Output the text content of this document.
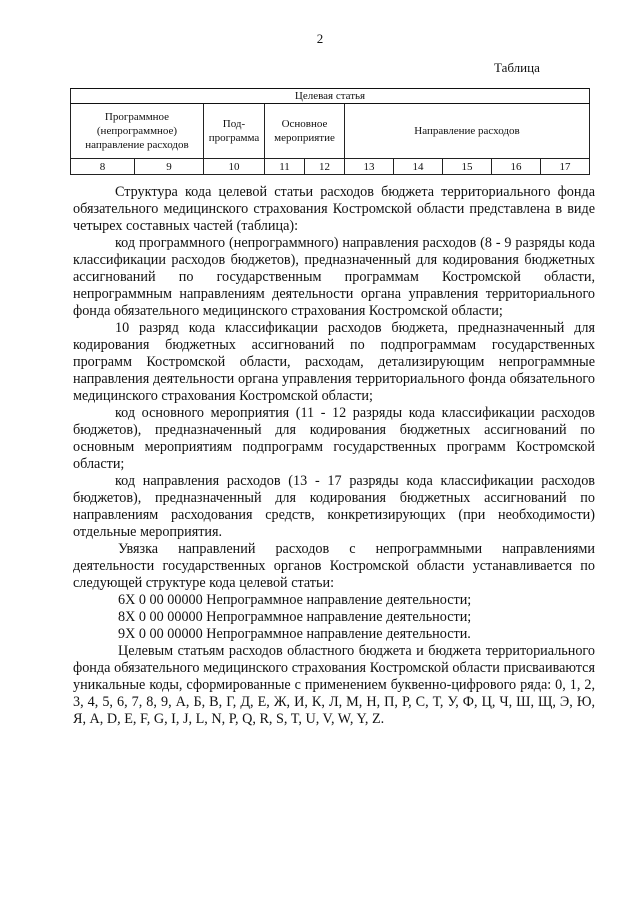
2
Таблица
Целевая статья									
Программное (непрограммное) направление расходов		Под-программа	Основное мероприятие		Направление расходов				
8	9	10	11	12	13	14	15	16	17

Структура кода целевой статьи расходов бюджета территориального фонда обязательного медицинского страхования Костромской области представлена в виде четырех составных частей (таблица):

код программного (непрограммного) направления расходов (8 - 9 разряды кода классификации расходов бюджетов), предназначенный для кодирования бюджетных ассигнований по государственным программам Костромской области, непрограммным направлениям деятельности органа управления территориального фонда обязательного медицинского страхования Костромской области;

10 разряд кода классификации расходов бюджета, предназначенный для кодирования бюджетных ассигнований по подпрограммам государственных программ Костромской области, расходам, детализирующим непрограммные направления деятельности органа управления территориального фонда обязательного медицинского страхования Костромской области;

код основного мероприятия (11 - 12 разряды кода классификации расходов бюджетов), предназначенный для кодирования бюджетных ассигнований по основным мероприятиям подпрограмм государственных программ Костромской области;

код направления расходов (13 - 17 разряды кода классификации расходов бюджетов), предназначенный для кодирования бюджетных ассигнований по направлениям расходования средств, конкретизирующих (при необходимости) отдельные мероприятия.

Увязка направлений расходов с непрограммными направлениями деятельности государственных органов Костромской области устанавливается по следующей структуре кода целевой статьи:

6Х 0 00 00000 Непрограммное направление деятельности;

8Х 0 00 00000 Непрограммное направление деятельности;

9Х 0 00 00000 Непрограммное направление деятельности.

Целевым статьям расходов областного бюджета и бюджета территориального фонда обязательного медицинского страхования Костромской области присваиваются уникальные коды, сформированные с применением буквенно-цифрового ряда: 0, 1, 2, 3, 4, 5, 6, 7, 8, 9, А, Б, В, Г, Д, Е, Ж, И, К, Л, М, Н, П, Р, С, Т, У, Ф, Ц, Ч, Ш, Щ, Э, Ю, Я, A, D, E, F, G, I, J, L, N, P, Q, R, S, T, U, V, W, Y, Z.
